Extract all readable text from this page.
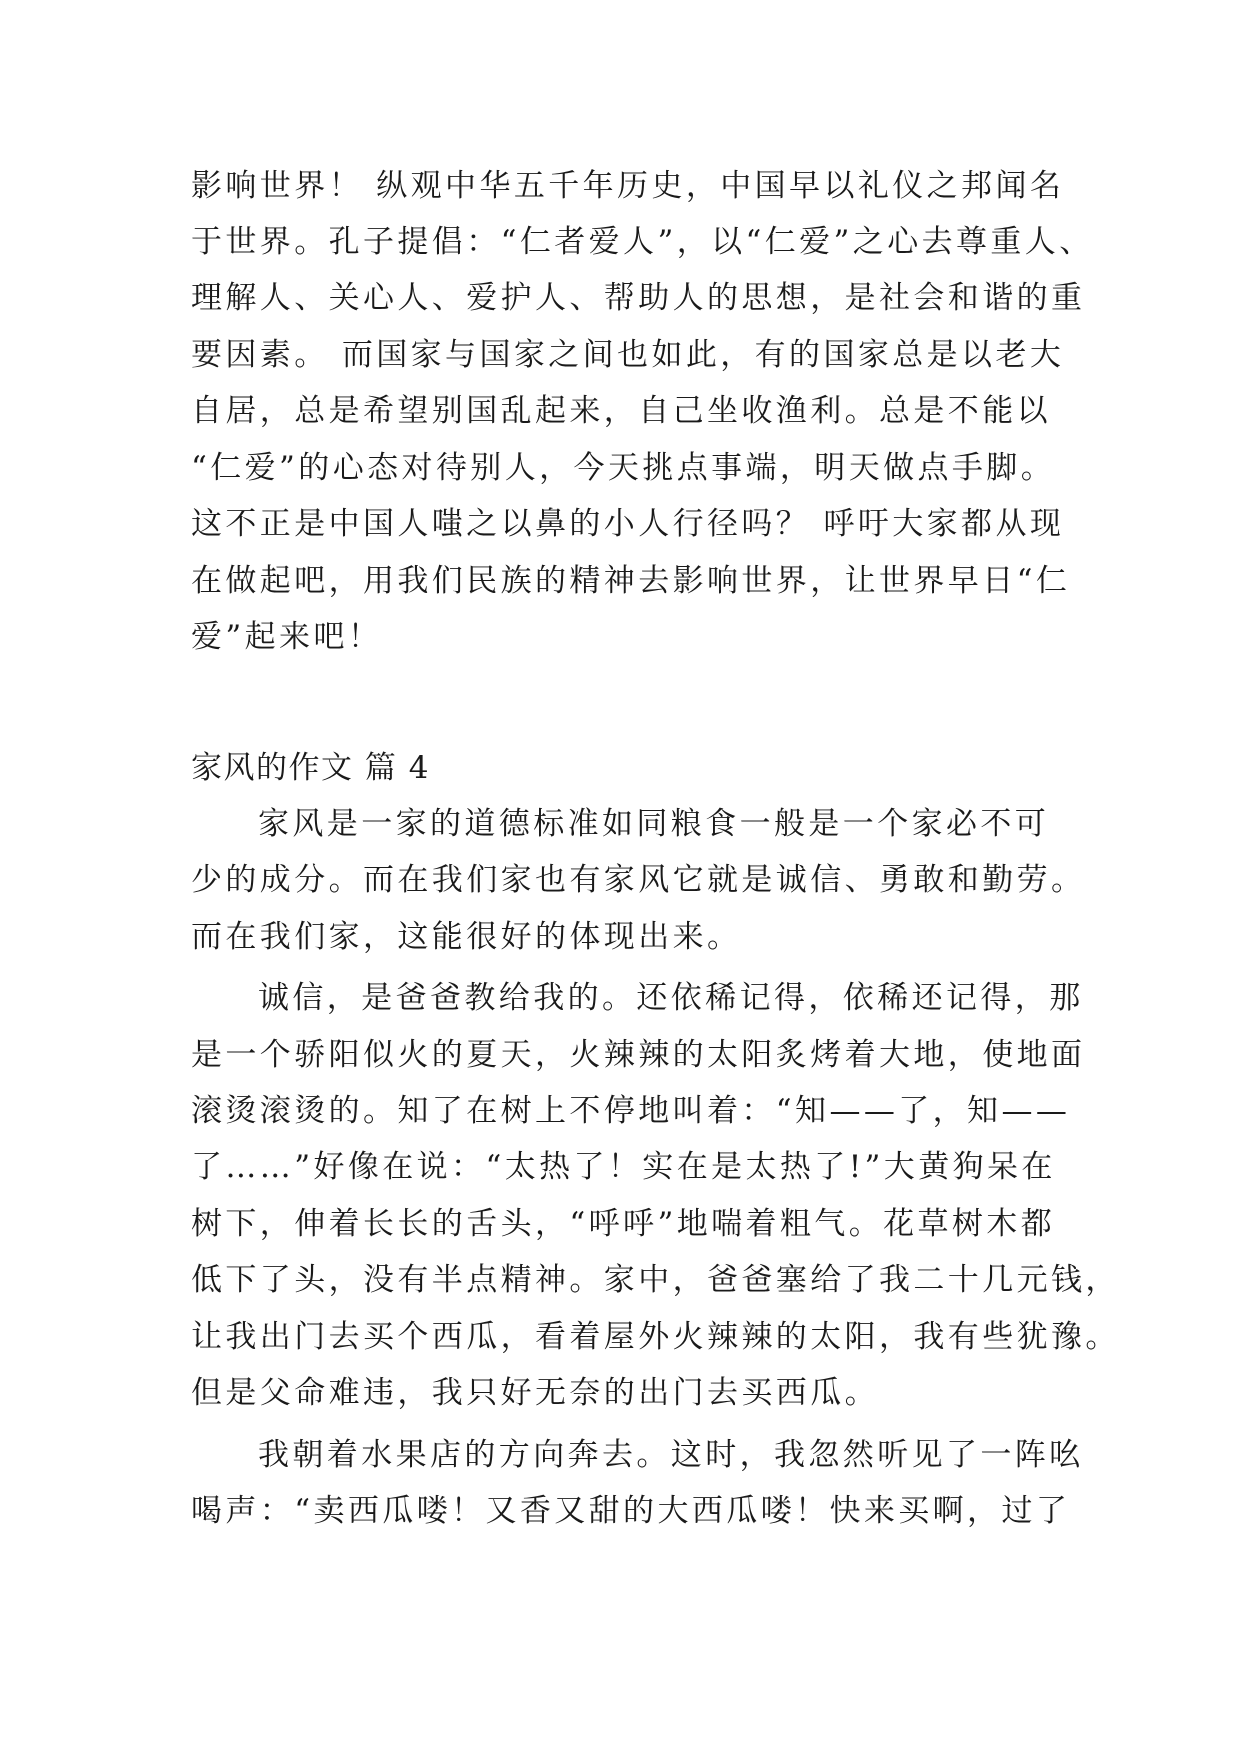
影响世界！ 纵观中华五千年历史，中国早以礼仪之邦闻名
于世界。孔子提倡：“仁者爱人”，以“仁爱”之心去尊重人、
理解人、关心人、爱护人、帮助人的思想，是社会和谐的重
要因素。 而国家与国家之间也如此，有的国家总是以老大
自居，总是希望别国乱起来，自己坐收渔利。总是不能以
“仁爱”的心态对待别人，今天挑点事端，明天做点手脚。
这不正是中国人嗤之以鼻的小人行径吗？ 呼吁大家都从现
在做起吧，用我们民族的精神去影响世界，让世界早日“仁
爱”起来吧！
家风的作文 篇 4
家风是一家的道德标准如同粮食一般是一个家必不可
少的成分。而在我们家也有家风它就是诚信、勇敢和勤劳。
而在我们家，这能很好的体现出来。
诚信，是爸爸教给我的。还依稀记得，依稀还记得，那
是一个骄阳似火的夏天，火辣辣的太阳炙烤着大地，使地面
滚烫滚烫的。知了在树上不停地叫着：“知——了，知——
了……”好像在说：“太热了！实在是太热了!”大黄狗呆在
树下，伸着长长的舌头，“呼呼”地喘着粗气。花草树木都
低下了头，没有半点精神。家中，爸爸塞给了我二十几元钱，
让我出门去买个西瓜，看着屋外火辣辣的太阳，我有些犹豫。
但是父命难违，我只好无奈的出门去买西瓜。
我朝着水果店的方向奔去。这时，我忽然听见了一阵吆
喝声：“卖西瓜喽！又香又甜的大西瓜喽！快来买啊，过了
